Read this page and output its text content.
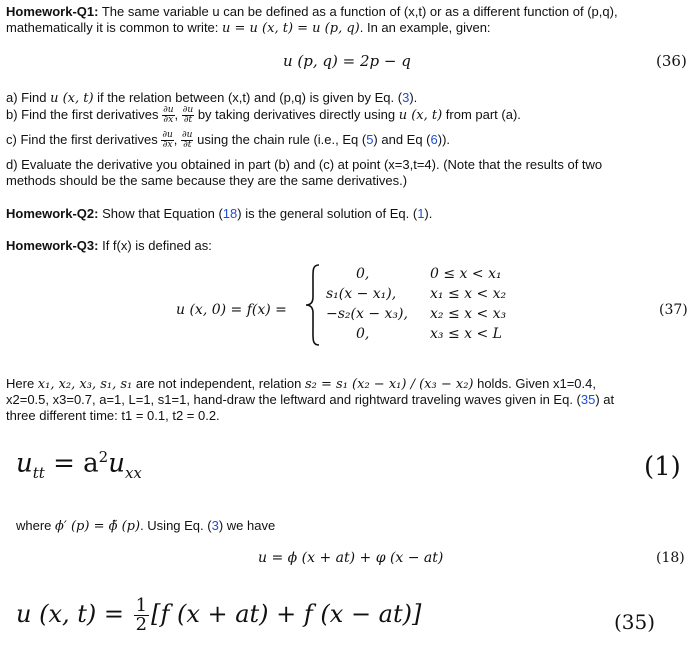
Homework-Q1: The same variable u can be defined as a function of (x,t) or as a different function of (p,q),
mathematically it is common to write: u = u (x, t) = u (p, q). In an example, given:
u (p, q) = 2p − q	(36)
a) Find u (x, t) if the relation between (x,t) and (p,q) is given by Eq. (3).
b) Find the first derivatives $\frac{\partial u}{\partial x}$ , $\frac{\partial u}{\partial t}$ by taking derivatives directly using u (x, t) from part (a).
c) Find the first derivatives $\frac{\partial u}{\partial x}$ , $\frac{\partial u}{\partial t}$ using the chain rule (i.e., Eq (5) and Eq (6)).
d) Evaluate the derivative you obtained in part (b) and (c) at point (x=3,t=4). (Note that the results of two
methods should be the same because they are the same derivatives.)
Homework-Q2: Show that Equation (18) is the general solution of Eq. (1).
Homework-Q3: If f(x) is defined as:
u (x, 0) = f(x) =
0,	0 ≤ x < x₁
s₁(x − x₁), x₁ ≤ x < x₂
−s₂(x − x₃), x₂ ≤ x < x₃
0,	x₃ ≤ x < L
(37)
Here x₁, x₂, x₃, s₁, s₁ are not independent, relation s₂ = s₁ (x₂ − x₁) / (x₃ − x₂) holds. Given x1=0.4,
x2=0.5, x3=0.7, a=1, L=1, s1=1, hand-draw the leftward and rightward traveling waves given in Eq. (35) at
three different time: t1 = 0.1, t2 = 0.2.
$u_{tt} = a^2u_{xx}$	(1)
where ϕ′ (p) = ϕ̃ (p). Using Eq. (3) we have
u = ϕ (x + at) + φ (x − at)	(18)
u (x, $t) = \frac{1}{2} [f$ (x + at) + f (x − at)]	(35)
